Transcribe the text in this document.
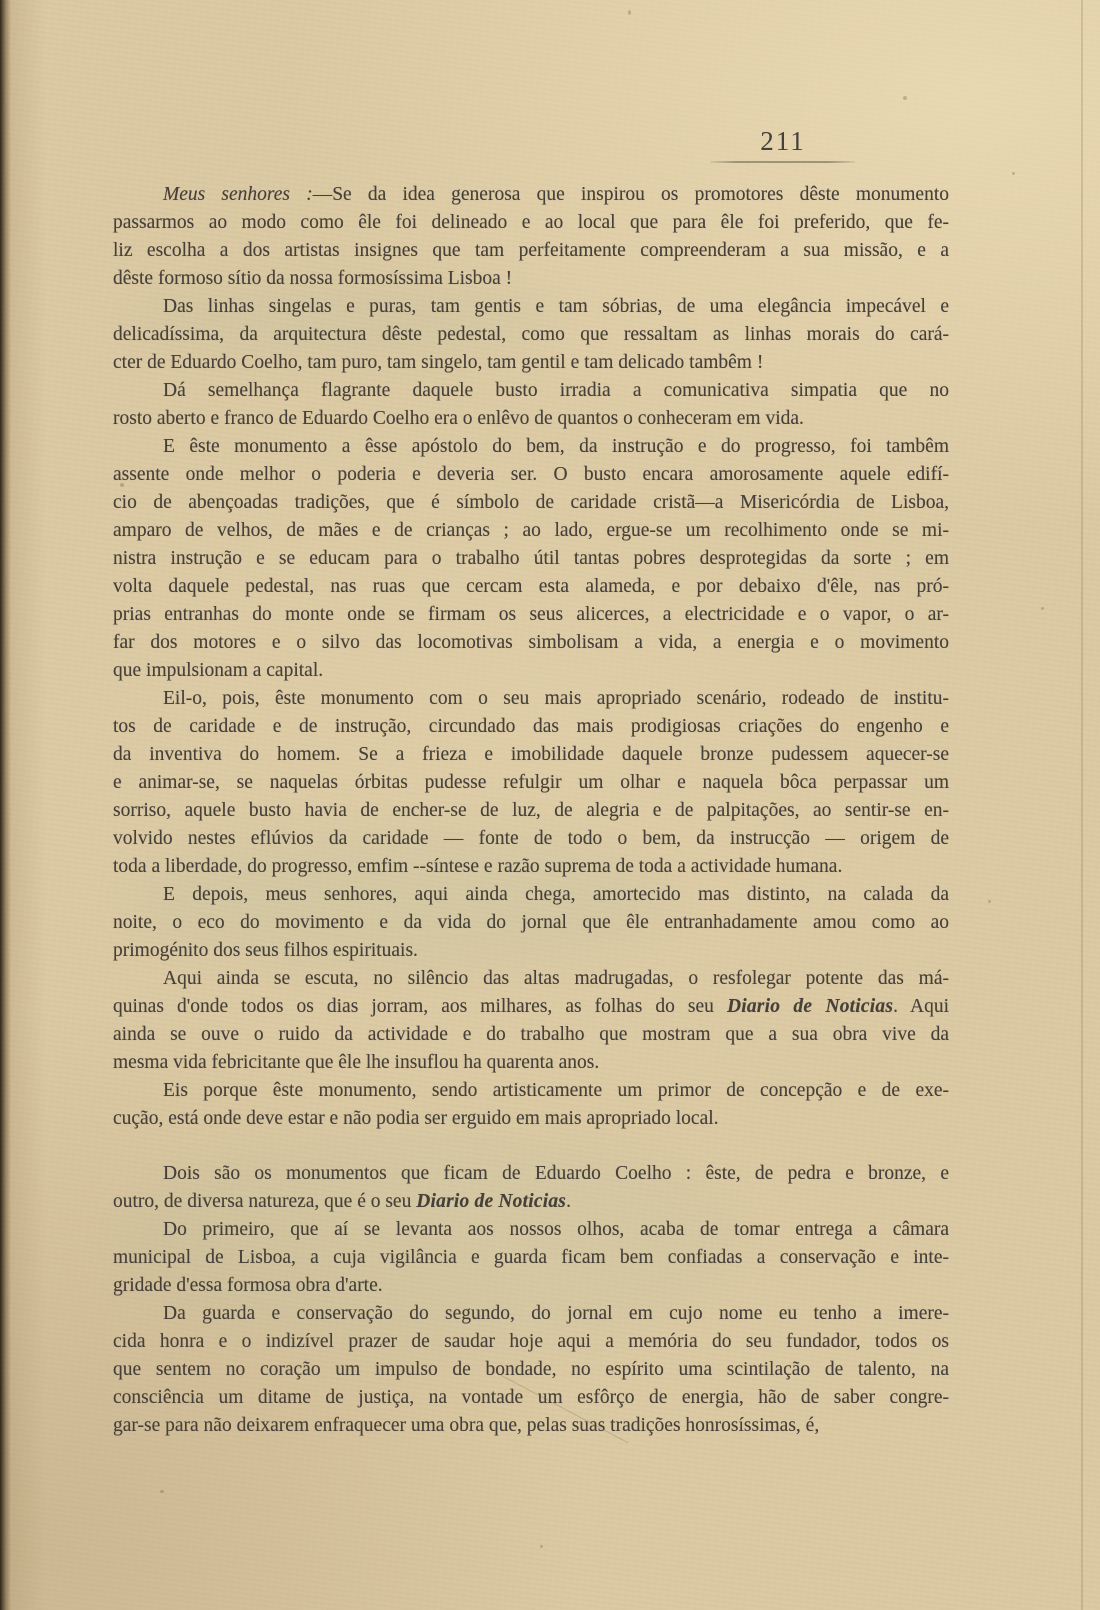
211

Meus senhores :—Se da idea generosa que inspirou os promotores dêste monumento
passarmos ao modo como êle foi delineado e ao local que para êle foi preferido, que fe-
liz escolha a dos artistas insignes que tam perfeitamente compreenderam a sua missão, e a
dêste formoso sítio da nossa formosíssima Lisboa !

Das linhas singelas e puras, tam gentis e tam sóbrias, de uma elegância impecável e
delicadíssima, da arquitectura dêste pedestal, como que ressaltam as linhas morais do cará-
cter de Eduardo Coelho, tam puro, tam singelo, tam gentil e tam delicado tambêm !

Dá semelhança flagrante daquele busto irradia a comunicativa simpatia que no
rosto aberto e franco de Eduardo Coelho era o enlêvo de quantos o conheceram em vida.

E êste monumento a êsse apóstolo do bem, da instrução e do progresso, foi tambêm
assente onde melhor o poderia e deveria ser. O busto encara amorosamente aquele edifí-
cio de abençoadas tradições, que é símbolo de caridade cristã—a Misericórdia de Lisboa,
amparo de velhos, de mães e de crianças ; ao lado, ergue-se um recolhimento onde se mi-
nistra instrução e se educam para o trabalho útil tantas pobres desprotegidas da sorte ; em
volta daquele pedestal, nas ruas que cercam esta alameda, e por debaixo d'êle, nas pró-
prias entranhas do monte onde se firmam os seus alicerces, a electricidade e o vapor, o ar-
far dos motores e o silvo das locomotivas simbolisam a vida, a energia e o movimento
que impulsionam a capital.

Eil-o, pois, êste monumento com o seu mais apropriado scenário, rodeado de institu-
tos de caridade e de instrução, circundado das mais prodigiosas criações do engenho e
da inventiva do homem. Se a frieza e imobilidade daquele bronze pudessem aquecer-se
e animar-se, se naquelas órbitas pudesse refulgir um olhar e naquela bôca perpassar um
sorriso, aquele busto havia de encher-se de luz, de alegria e de palpitações, ao sentir-se en-
volvido nestes eflúvios da caridade — fonte de todo o bem, da instrucção — origem de
toda a liberdade, do progresso, emfim --síntese e razão suprema de toda a actividade humana.

E depois, meus senhores, aqui ainda chega, amortecido mas distinto, na calada da
noite, o eco do movimento e da vida do jornal que êle entranhadamente amou como ao
primogénito dos seus filhos espirituais.

Aqui ainda se escuta, no silêncio das altas madrugadas, o resfolegar potente das má-
quinas d'onde todos os dias jorram, aos milhares, as folhas do seu Diario de Noticias. Aqui
ainda se ouve o ruido da actividade e do trabalho que mostram que a sua obra vive da
mesma vida febricitante que êle lhe insuflou ha quarenta anos.

Eis porque êste monumento, sendo artisticamente um primor de concepção e de exe-
cução, está onde deve estar e não podia ser erguido em mais apropriado local.

Dois são os monumentos que ficam de Eduardo Coelho : êste, de pedra e bronze, e
outro, de diversa natureza, que é o seu Diario de Noticias.

Do primeiro, que aí se levanta aos nossos olhos, acaba de tomar entrega a câmara
municipal de Lisboa, a cuja vigilância e guarda ficam bem confiadas a conservação e inte-
gridade d'essa formosa obra d'arte.

Da guarda e conservação do segundo, do jornal em cujo nome eu tenho a imere-
cida honra e o indizível prazer de saudar hoje aqui a memória do seu fundador, todos os
que sentem no coração um impulso de bondade, no espírito uma scintilação de talento, na
consciência um ditame de justiça, na vontade um esfôrço de energia, hão de saber congre-
gar-se para não deixarem enfraquecer uma obra que, pelas suas tradições honrosíssimas, é,
